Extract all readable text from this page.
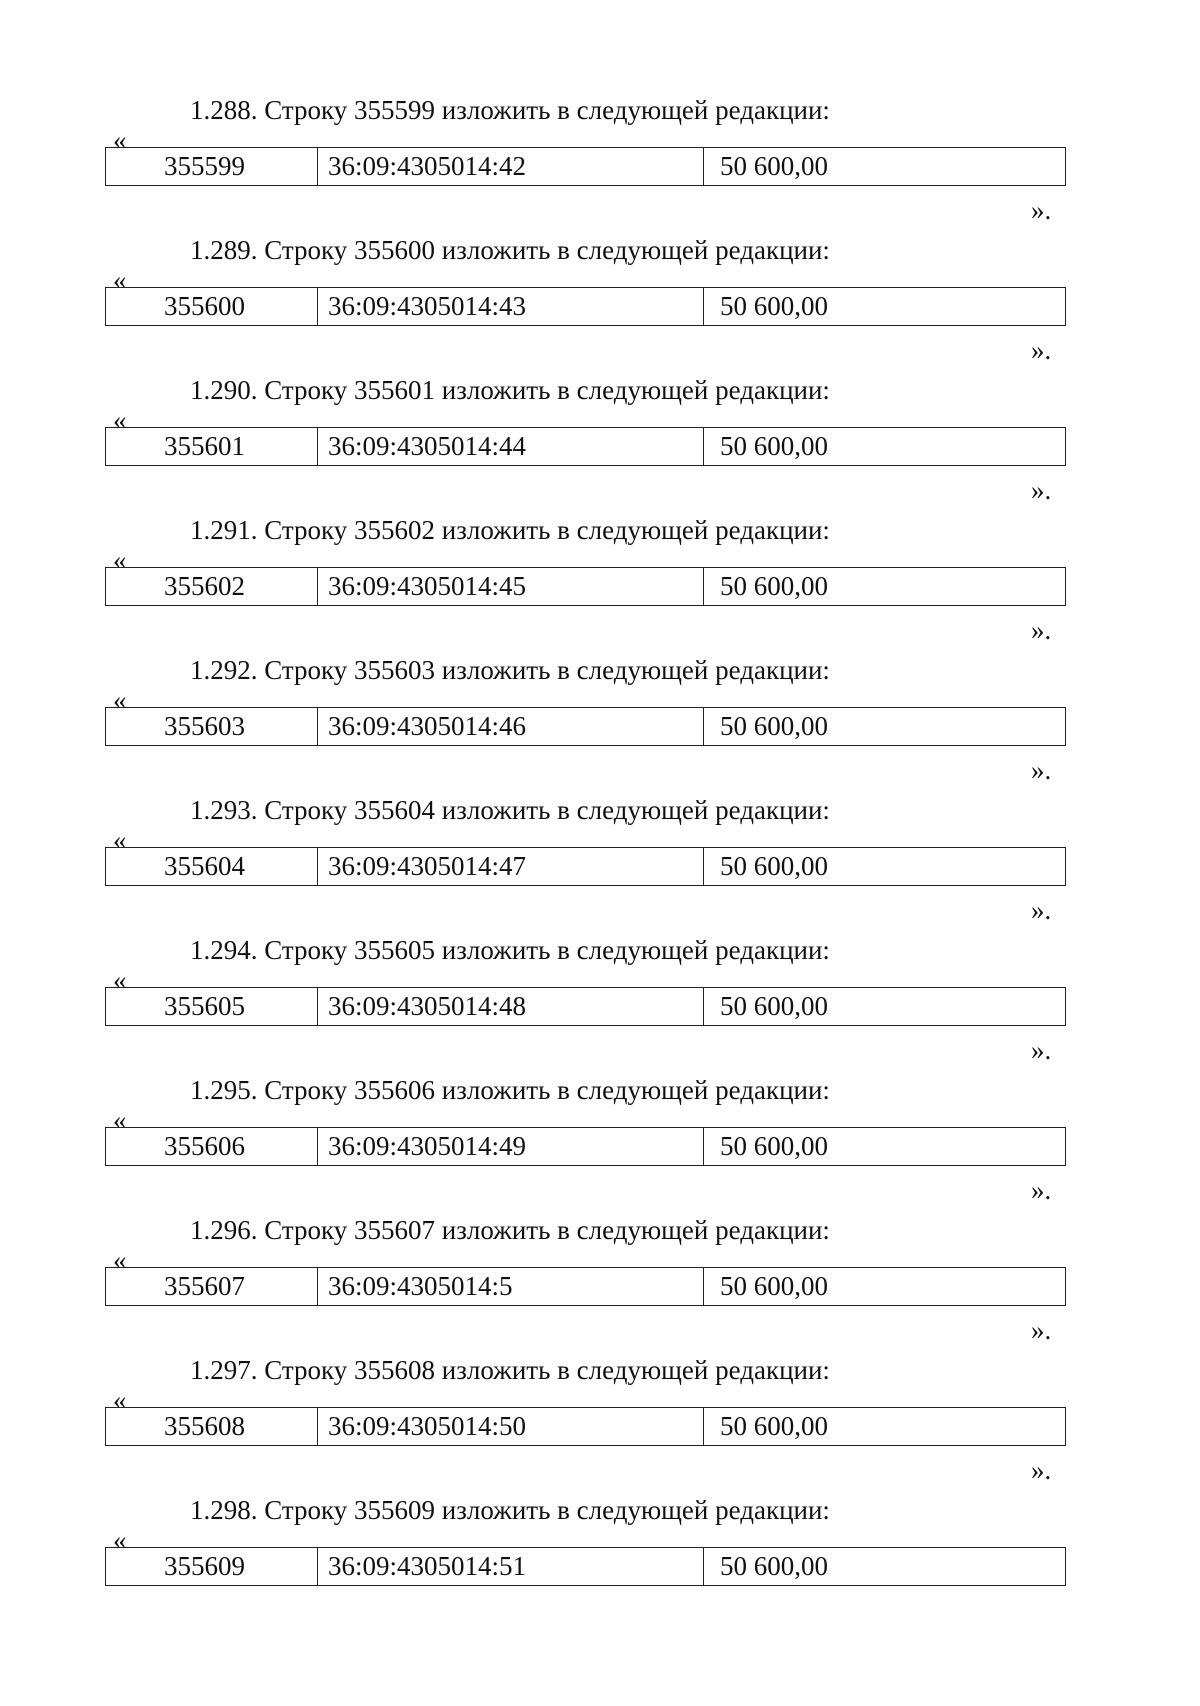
1.288. Строку 355599 изложить в следующей редакции:
«
355599	36:09:4305014:42	50 600,00
».
1.289. Строку 355600 изложить в следующей редакции:
«
355600	36:09:4305014:43	50 600,00
».
1.290. Строку 355601 изложить в следующей редакции:
«
355601	36:09:4305014:44	50 600,00
».
1.291. Строку 355602 изложить в следующей редакции:
«
355602	36:09:4305014:45	50 600,00
».
1.292. Строку 355603 изложить в следующей редакции:
«
355603	36:09:4305014:46	50 600,00
».
1.293. Строку 355604 изложить в следующей редакции:
«
355604	36:09:4305014:47	50 600,00
».
1.294. Строку 355605 изложить в следующей редакции:
«
355605	36:09:4305014:48	50 600,00
».
1.295. Строку 355606 изложить в следующей редакции:
«
355606	36:09:4305014:49	50 600,00
».
1.296. Строку 355607 изложить в следующей редакции:
«
355607	36:09:4305014:5	50 600,00
».
1.297. Строку 355608 изложить в следующей редакции:
«
355608	36:09:4305014:50	50 600,00
».
1.298. Строку 355609 изложить в следующей редакции:
«
355609	36:09:4305014:51	50 600,00
